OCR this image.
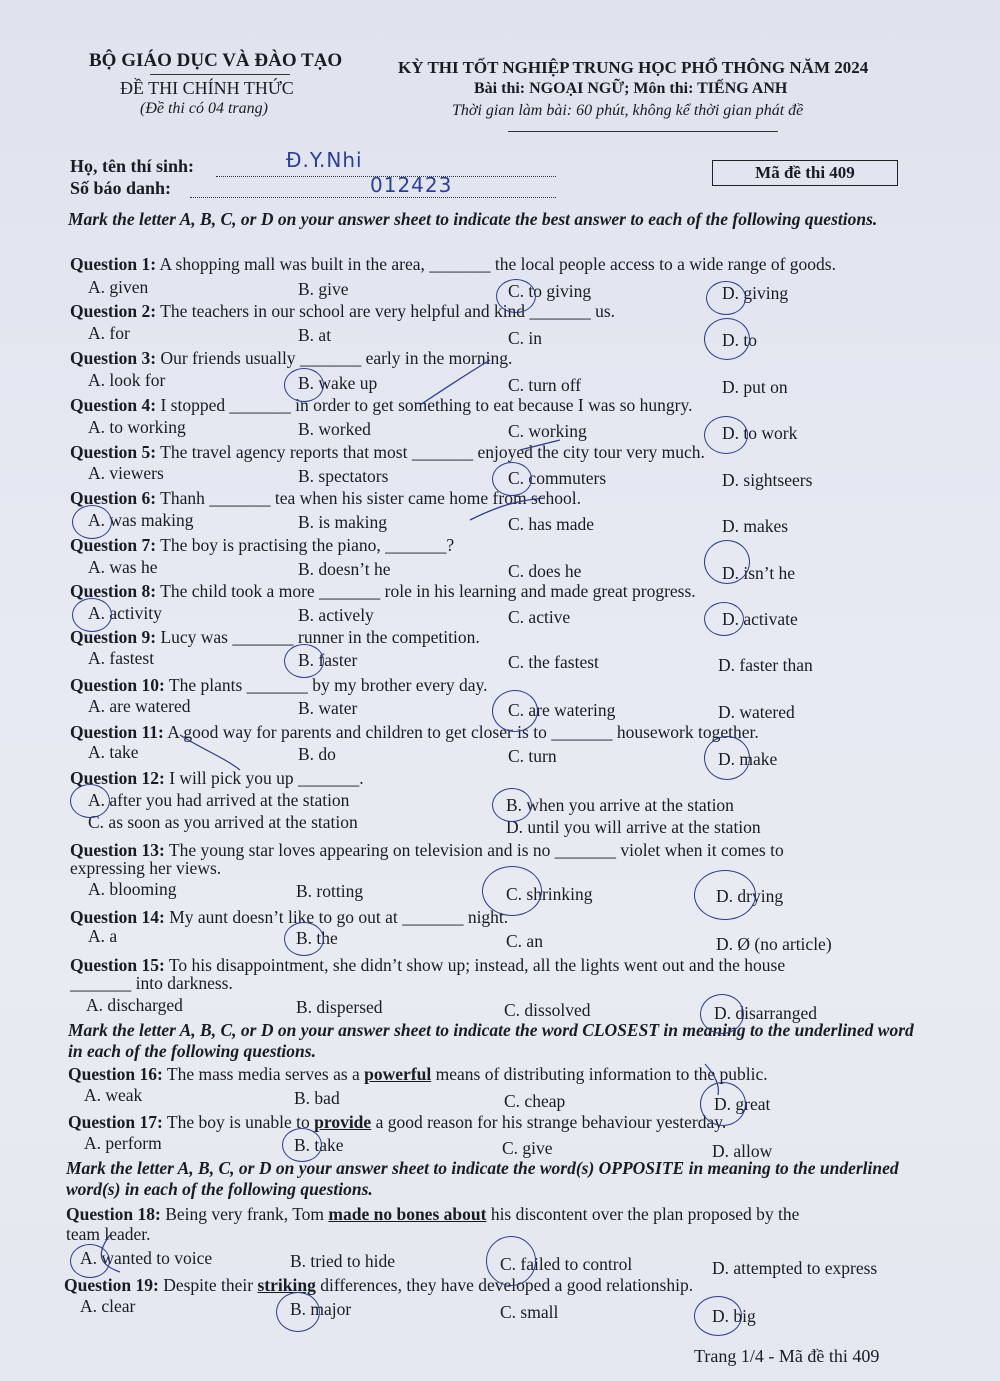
BỘ GIÁO DỤC VÀ ĐÀO TẠO
ĐỀ THI CHÍNH THỨC
(Đề thi có 04 trang)
KỲ THI TỐT NGHIỆP TRUNG HỌC PHỔ THÔNG NĂM 2024
Bài thi: NGOẠI NGỮ; Môn thi: TIẾNG ANH
Thời gian làm bài: 60 phút, không kể thời gian phát đề
Họ, tên thí sinh:	Đ.Y.Nhi
Số báo danh:	012423
Mã đề thi 409
Mark the letter A, B, C, or D on your answer sheet to indicate the best answer to each of the following questions.
Question 1: A shopping mall was built in the area, _______ the local people access to a wide range of goods.
A. given	B. give	C. to giving	D. giving
Question 2: The teachers in our school are very helpful and kind _______ us.
A. for	B. at	C. in	D. to
Question 3: Our friends usually _______ early in the morning.
A. look for	B. wake up	C. turn off	D. put on
Question 4: I stopped _______ in order to get something to eat because I was so hungry.
A. to working	B. worked	C. working	D. to work
Question 5: The travel agency reports that most _______ enjoyed the city tour very much.
A. viewers	B. spectators	C. commuters	D. sightseers
Question 6: Thanh _______ tea when his sister came home from school.
A. was making	B. is making	C. has made	D. makes
Question 7: The boy is practising the piano, _______?
A. was he	B. doesn’t he	C. does he	D. isn’t he
Question 8: The child took a more _______ role in his learning and made great progress.
A. activity	B. actively	C. active	D. activate
Question 9: Lucy was _______ runner in the competition.
A. fastest	B. faster	C. the fastest	D. faster than
Question 10: The plants _______ by my brother every day.
A. are watered	B. water	C. are watering	D. watered
Question 11: A good way for parents and children to get closer is to _______ housework together.
A. take	B. do	C. turn	D. make
Question 12: I will pick you up _______.
A. after you had arrived at the station	B. when you arrive at the station
C. as soon as you arrived at the station	D. until you will arrive at the station
Question 13: The young star loves appearing on television and is no _______ violet when it comes to
expressing her views.
A. blooming	B. rotting	C. shrinking	D. drying
Question 14: My aunt doesn’t like to go out at _______ night.
A. a	B. the	C. an	D. Ø (no article)
Question 15: To his disappointment, she didn’t show up; instead, all the lights went out and the house
_______ into darkness.
A. discharged	B. dispersed	C. dissolved	D. disarranged
Mark the letter A, B, C, or D on your answer sheet to indicate the word CLOSEST in meaning to the underlined word in each of the following questions.
Question 16: The mass media serves as a powerful means of distributing information to the public.
A. weak	B. bad	C. cheap	D. great
Question 17: The boy is unable to provide a good reason for his strange behaviour yesterday.
A. perform	B. take	C. give	D. allow
Mark the letter A, B, C, or D on your answer sheet to indicate the word(s) OPPOSITE in meaning to the underlined word(s) in each of the following questions.
Question 18: Being very frank, Tom made no bones about his discontent over the plan proposed by the
team leader.
A. wanted to voice	B. tried to hide	C. failed to control	D. attempted to express
Question 19: Despite their striking differences, they have developed a good relationship.
A. clear	B. major	C. small	D. big
Trang 1/4 - Mã đề thi 409
